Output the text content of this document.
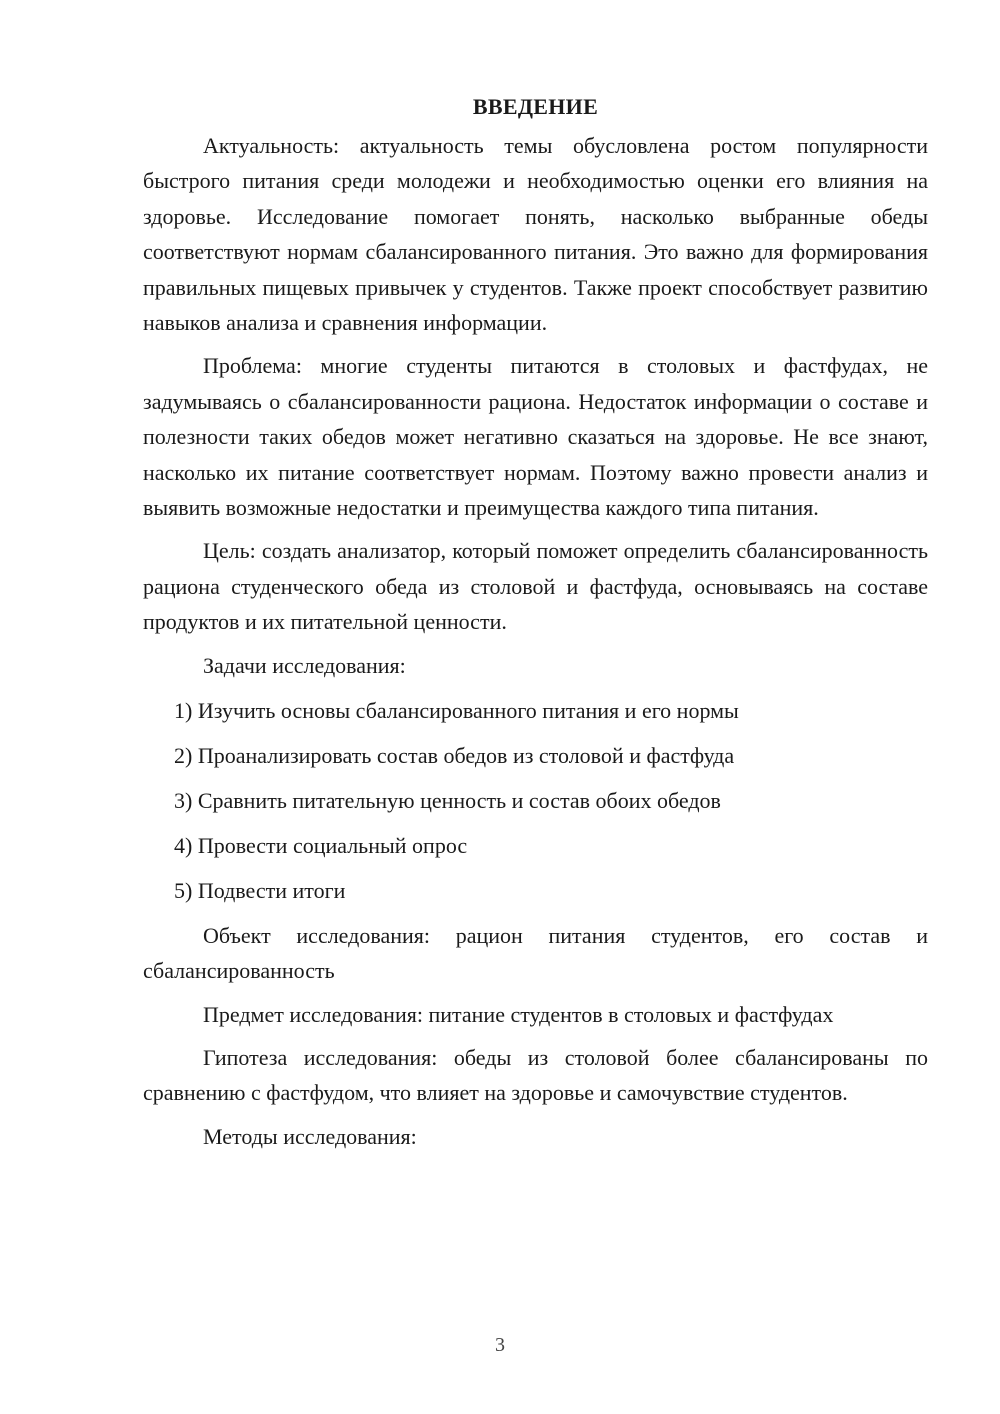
ВВЕДЕНИЕ

Актуальность: актуальность темы обусловлена ростом популярности быстрого питания среди молодежи и необходимостью оценки его влияния на здоровье. Исследование помогает понять, насколько выбранные обеды соответствуют нормам сбалансированного питания. Это важно для формирования правильных пищевых привычек у студентов. Также проект способствует развитию навыков анализа и сравнения информации.

Проблема: многие студенты питаются в столовых и фастфудах, не задумываясь о сбалансированности рациона. Недостаток информации о составе и полезности таких обедов может негативно сказаться на здоровье. Не все знают, насколько их питание соответствует нормам. Поэтому важно провести анализ и выявить возможные недостатки и преимущества каждого типа питания.

Цель: создать анализатор, который поможет определить сбалансированность рациона студенческого обеда из столовой и фастфуда, основываясь на составе продуктов и их питательной ценности.

Задачи исследования:
1) Изучить основы сбалансированного питания и его нормы
2) Проанализировать состав обедов из столовой и фастфуда
3) Сравнить питательную ценность и состав обоих обедов
4) Провести социальный опрос
5) Подвести итоги

Объект исследования: рацион питания студентов, его состав и сбалансированность

Предмет исследования: питание студентов в столовых и фастфудах

Гипотеза исследования: обеды из столовой более сбалансированы по сравнению с фастфудом, что влияет на здоровье и самочувствие студентов.

Методы исследования:
3
